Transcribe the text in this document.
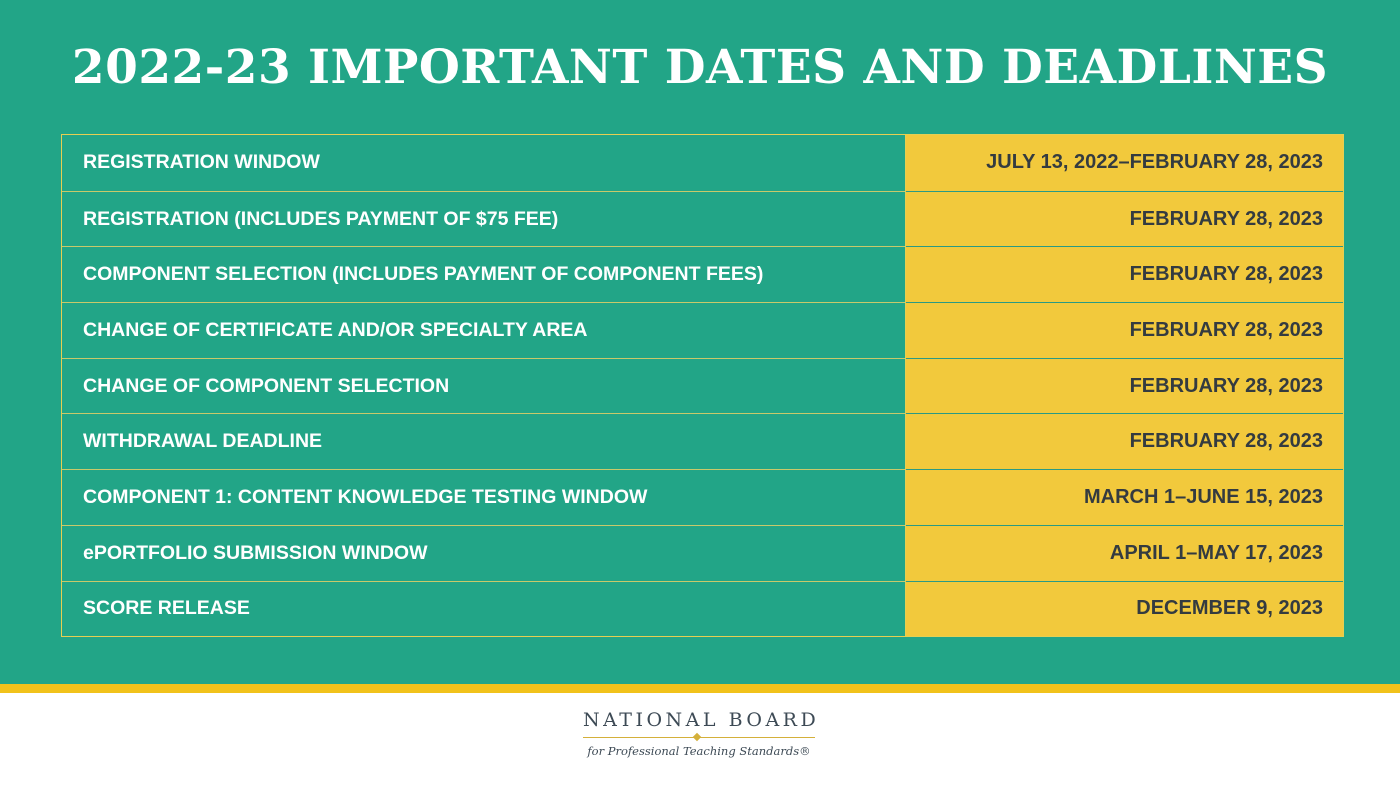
2022-23 IMPORTANT DATES AND DEADLINES
REGISTRATION WINDOW	JULY 13, 2022–FEBRUARY 28, 2023
REGISTRATION (INCLUDES PAYMENT OF $75 FEE)	FEBRUARY 28, 2023
COMPONENT SELECTION (INCLUDES PAYMENT OF COMPONENT FEES)	FEBRUARY 28, 2023
CHANGE OF CERTIFICATE AND/OR SPECIALTY AREA	FEBRUARY 28, 2023
CHANGE OF COMPONENT SELECTION	FEBRUARY 28, 2023
WITHDRAWAL DEADLINE	FEBRUARY 28, 2023
COMPONENT 1: CONTENT KNOWLEDGE TESTING WINDOW	MARCH 1–JUNE 15, 2023
ePORTFOLIO SUBMISSION WINDOW	APRIL 1–MAY 17, 2023
SCORE RELEASE	DECEMBER 9, 2023
NATIONAL BOARD
for Professional Teaching Standards®
